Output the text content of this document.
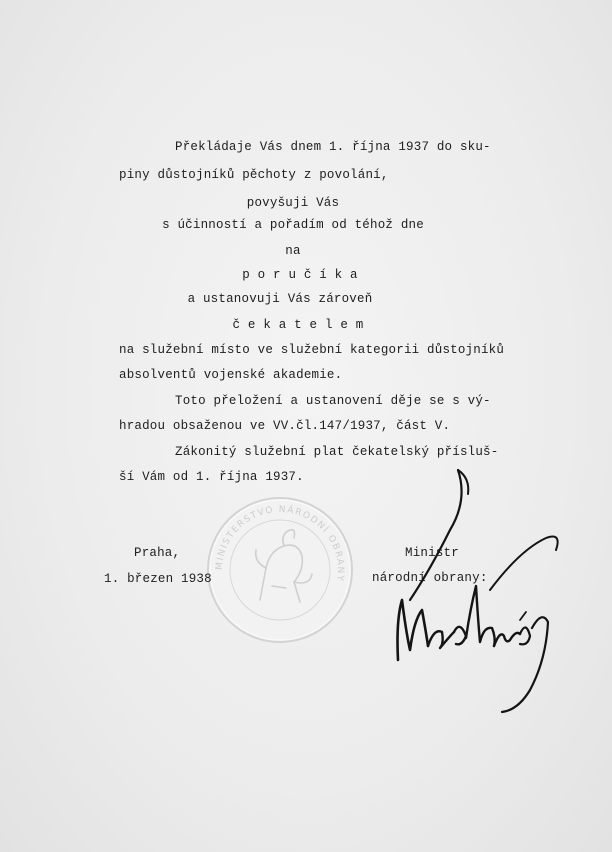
Překládaje Vás dnem 1. října 1937 do sku-
piny důstojníků pěchoty z povolání,
povyšuji Vás
s účinností a pořadím od téhož dne
na
p o r u č í k a
a ustanovuji Vás zároveň
č e k a t e l e m
na služební místo ve služební kategorii důstojníků
absolventů vojenské akademie.
Toto přeložení a ustanovení děje se s vý-
hradou obsaženou ve VV.čl.147/1937, část V.
Zákonitý služební plat čekatelský přísluš-
ší Vám od 1. října 1937.
MINISTERSTVO NÁRODNÍ OBRANY
Praha,
1. březen 1938
Ministr
národní obrany:
